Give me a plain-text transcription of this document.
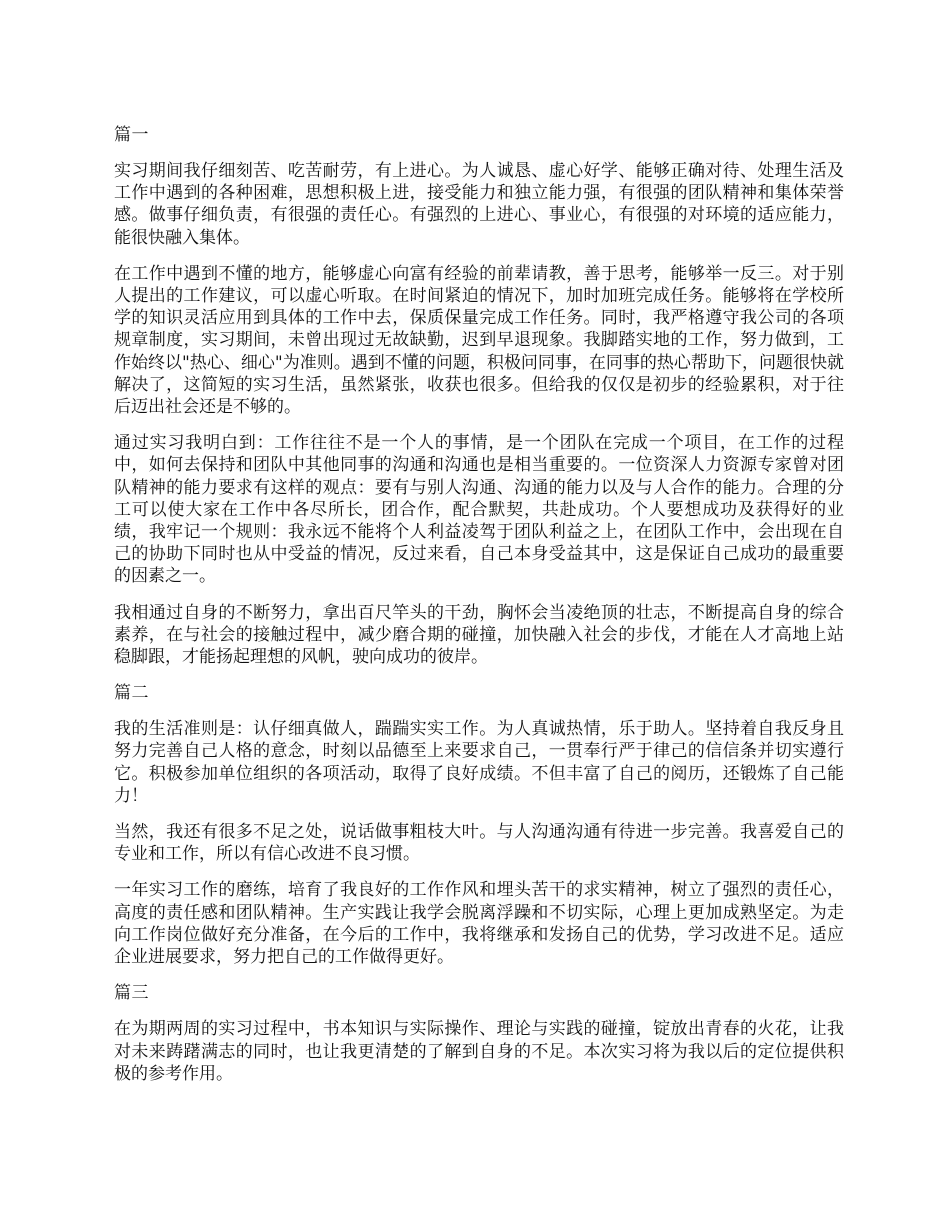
篇一

实习期间我仔细刻苦、吃苦耐劳，有上进心。为人诚恳、虚心好学、能够正确对待、处理生活及工作中遇到的各种困难，思想积极上进，接受能力和独立能力强，有很强的团队精神和集体荣誉感。做事仔细负责，有很强的责任心。有强烈的上进心、事业心，有很强的对环境的适应能力，能很快融入集体。

在工作中遇到不懂的地方，能够虚心向富有经验的前辈请教，善于思考，能够举一反三。对于别人提出的工作建议，可以虚心听取。在时间紧迫的情况下，加时加班完成任务。能够将在学校所学的知识灵活应用到具体的工作中去，保质保量完成工作任务。同时，我严格遵守我公司的各项规章制度，实习期间，未曾出现过无故缺勤，迟到早退现象。我脚踏实地的工作，努力做到，工作始终以"热心、细心"为准则。遇到不懂的问题，积极问同事，在同事的热心帮助下，问题很快就解决了，这简短的实习生活，虽然紧张，收获也很多。但给我的仅仅是初步的经验累积，对于往后迈出社会还是不够的。

通过实习我明白到：工作往往不是一个人的事情，是一个团队在完成一个项目，在工作的过程中，如何去保持和团队中其他同事的沟通和沟通也是相当重要的。一位资深人力资源专家曾对团队精神的能力要求有这样的观点：要有与别人沟通、沟通的能力以及与人合作的能力。合理的分工可以使大家在工作中各尽所长，团合作，配合默契，共赴成功。个人要想成功及获得好的业绩，我牢记一个规则：我永远不能将个人利益凌驾于团队利益之上，在团队工作中，会出现在自己的协助下同时也从中受益的情况，反过来看，自己本身受益其中，这是保证自己成功的最重要的因素之一。

我相通过自身的不断努力，拿出百尺竿头的干劲，胸怀会当凌绝顶的壮志，不断提高自身的综合素养，在与社会的接触过程中，减少磨合期的碰撞，加快融入社会的步伐，才能在人才高地上站稳脚跟，才能扬起理想的风帆，驶向成功的彼岸。

篇二

我的生活准则是：认仔细真做人，踹踹实实工作。为人真诚热情，乐于助人。坚持着自我反身且努力完善自己人格的意念，时刻以品德至上来要求自己，一贯奉行严于律己的信信条并切实遵行它。积极参加单位组织的各项活动，取得了良好成绩。不但丰富了自己的阅历，还锻炼了自己能力！

当然，我还有很多不足之处，说话做事粗枝大叶。与人沟通沟通有待进一步完善。我喜爱自己的专业和工作，所以有信心改进不良习惯。

一年实习工作的磨练，培育了我良好的工作作风和埋头苦干的求实精神，树立了强烈的责任心，高度的责任感和团队精神。生产实践让我学会脱离浮躁和不切实际，心理上更加成熟坚定。为走向工作岗位做好充分准备，在今后的工作中，我将继承和发扬自己的优势，学习改进不足。适应企业进展要求，努力把自己的工作做得更好。

篇三

在为期两周的实习过程中，书本知识与实际操作、理论与实践的碰撞，锭放出青春的火花，让我对未来踌躇满志的同时，也让我更清楚的了解到自身的不足。本次实习将为我以后的定位提供积极的参考作用。
